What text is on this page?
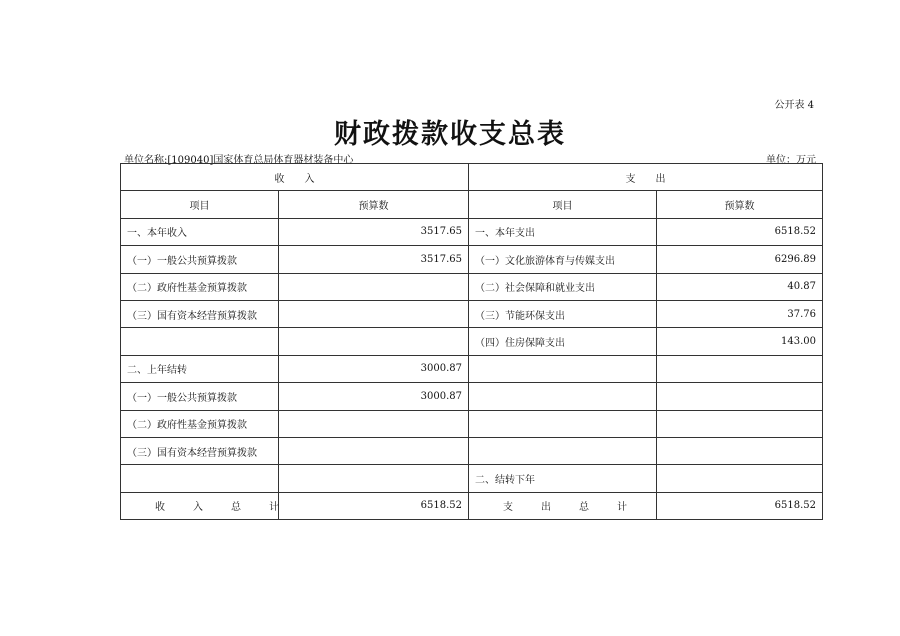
公开表 4
财政拨款收支总表
单位名称:[109040]国家体育总局体育器材装备中心	单位：万元
收　　入		支　　出	
项目	预算数	项目	预算数
一、本年收入	3517.65	一、本年支出	6518.52
（一）一般公共预算拨款	3517.65	（一）文化旅游体育与传媒支出	6296.89
（二）政府性基金预算拨款		（二）社会保障和就业支出	40.87
（三）国有资本经营预算拨款		（三）节能环保支出	37.76
		（四）住房保障支出	143.00
二、上年结转	3000.87		
（一）一般公共预算拨款	3000.87		
（二）政府性基金预算拨款			
（三）国有资本经营预算拨款			
		二、结转下年	
收入总计	6518.52	支出总计	6518.52
